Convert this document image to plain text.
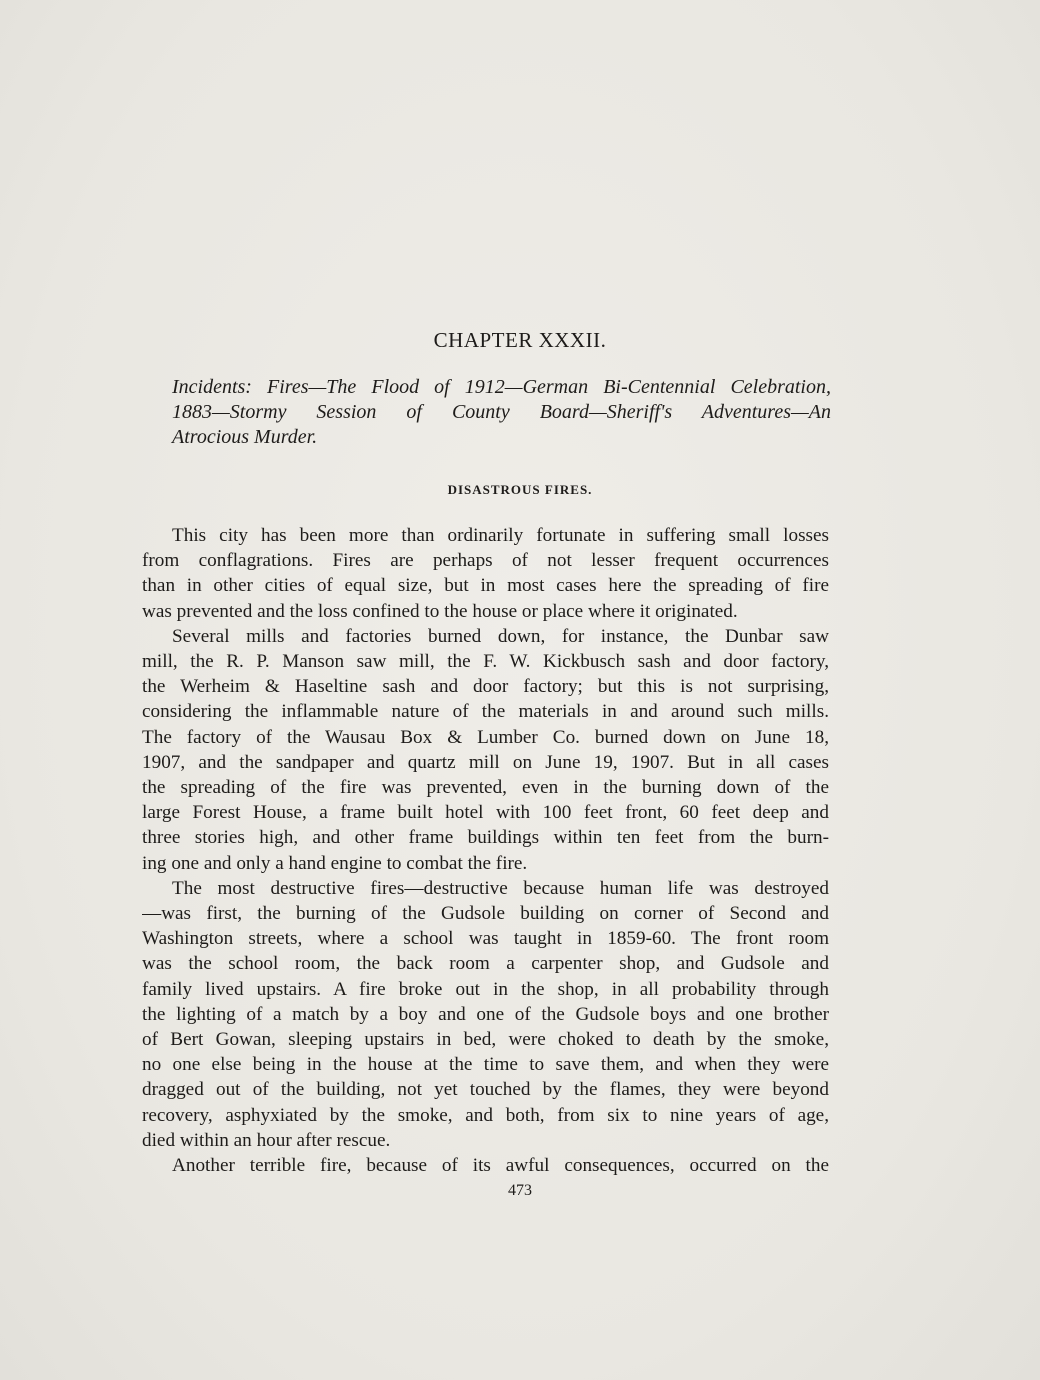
CHAPTER XXXII.

Incidents: Fires—The Flood of 1912—German Bi-Centennial Celebration,
1883—Stormy Session of County Board—Sheriff's Adventures—An
Atrocious Murder.

DISASTROUS FIRES.
This city has been more than ordinarily fortunate in suffering small losses
from conflagrations. Fires are perhaps of not lesser frequent occurrences
than in other cities of equal size, but in most cases here the spreading of fire
was prevented and the loss confined to the house or place where it originated.
Several mills and factories burned down, for instance, the Dunbar saw
mill, the R. P. Manson saw mill, the F. W. Kickbusch sash and door factory,
the Werheim & Haseltine sash and door factory; but this is not surprising,
considering the inflammable nature of the materials in and around such mills.
The factory of the Wausau Box & Lumber Co. burned down on June 18,
1907, and the sandpaper and quartz mill on June 19, 1907. But in all cases
the spreading of the fire was prevented, even in the burning down of the
large Forest House, a frame built hotel with 100 feet front, 60 feet deep and
three stories high, and other frame buildings within ten feet from the burn-
ing one and only a hand engine to combat the fire.
The most destructive fires—destructive because human life was destroyed
—was first, the burning of the Gudsole building on corner of Second and
Washington streets, where a school was taught in 1859-60. The front room
was the school room, the back room a carpenter shop, and Gudsole and
family lived upstairs. A fire broke out in the shop, in all probability through
the lighting of a match by a boy and one of the Gudsole boys and one brother
of Bert Gowan, sleeping upstairs in bed, were choked to death by the smoke,
no one else being in the house at the time to save them, and when they were
dragged out of the building, not yet touched by the flames, they were beyond
recovery, asphyxiated by the smoke, and both, from six to nine years of age,
died within an hour after rescue.
Another terrible fire, because of its awful consequences, occurred on the

473
